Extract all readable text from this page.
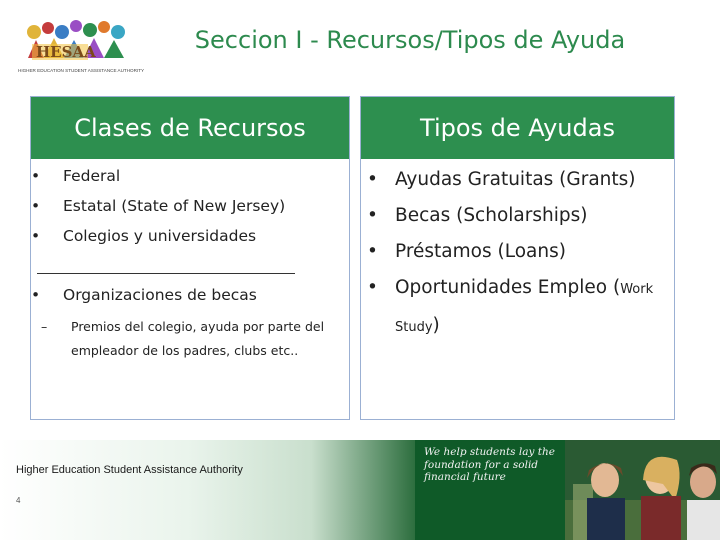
HESAA
HIGHER EDUCATION STUDENT ASSISTANCE AUTHORITY
Seccion I - Recursos/Tipos de Ayuda
Clases de Recursos
• Federal
• Estatal (State of New Jersey)
• Colegios y universidades
• Organizaciones de becas
– Premios del colegio, ayuda por parte del
empleador de los padres, clubs etc..
Tipos de Ayudas
• Ayudas Gratuitas (Grants)
• Becas (Scholarships)
• Préstamos (Loans)
• Oportunidades Empleo (Work
Study)
Higher Education Student Assistance Authority
4
We help students lay the
foundation for a solid
financial future
